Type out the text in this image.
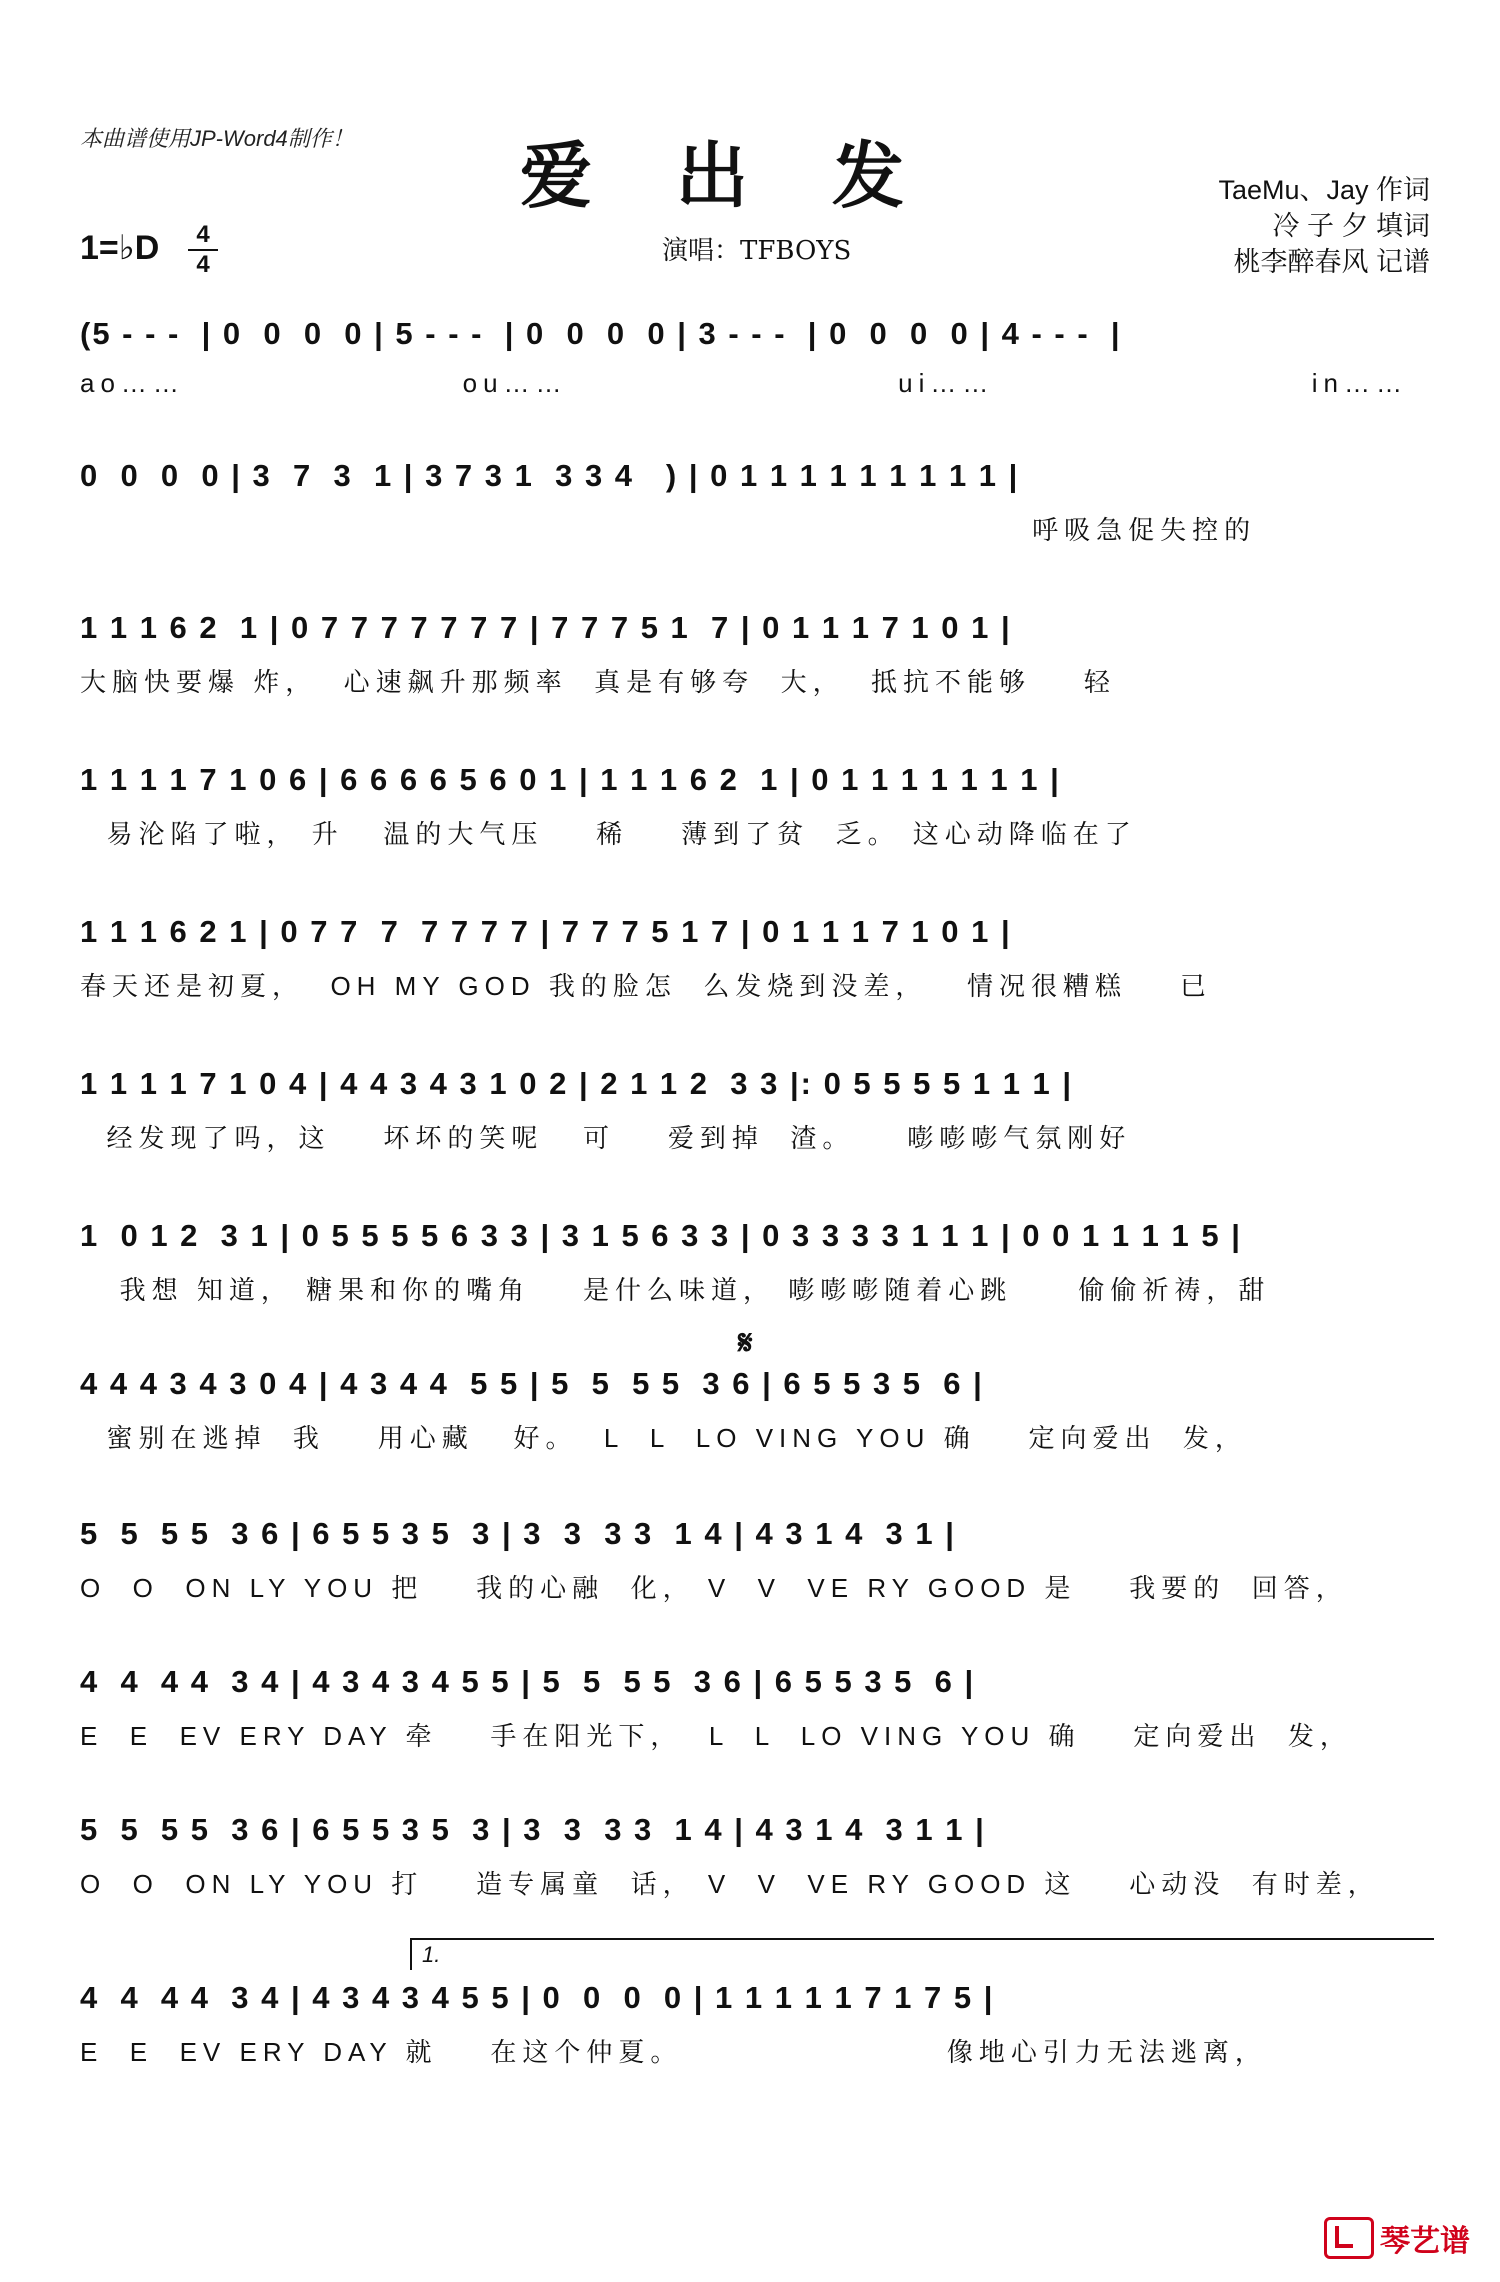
本曲谱使用JP-Word4制作！ 爱出发
1=♭D	4
4	演唱：TFBOYS
TaeMu、Jay 作词
冷 子 夕 填词
桃李醉春风 记谱
𝄋
1.
(5 - - -  | 0  0  0  0 | 5 - - -  | 0  0  0  0 | 3 - - -  | 0  0  0  0 | 4 - - -  |
ao……                     ou……                         ui……                        in……
0  0  0  0 | 3  7  3  1 | 3 7 3 1  3 3 4   ) | 0 1 1 1 1 1 1 1 1 1 |
呼吸急促失控的
1 1 1 6 2  1 | 0 7 7 7 7 7 7 7 | 7 7 7 5 1  7 | 0 1 1 1 7 1 0 1 |
大脑快要爆 炸，  心速飙升那频率  真是有够夸  大，  抵抗不能够    轻
1 1 1 1 7 1 0 6 | 6 6 6 6 5 6 0 1 | 1 1 1 6 2  1 | 0 1 1 1 1 1 1 1 |
易沦陷了啦， 升   温的大气压    稀    薄到了贫  乏。 这心动降临在了
1 1 1 6 2 1 | 0 7 7  7  7 7 7 7 | 7 7 7 5 1 7 | 0 1 1 1 7 1 0 1 |
春天还是初夏，  OH MY GOD 我的脸怎  么发烧到没差，   情况很糟糕    已
1 1 1 1 7 1 0 4 | 4 4 3 4 3 1 0 2 | 2 1 1 2  3 3 |: 0 5 5 5 5 1 1 1 |
经发现了吗，这    坏坏的笑呢   可    爱到掉  渣。    嘭嘭嘭气氛刚好
1  0 1 2  3 1 | 0 5 5 5 5 6 3 3 | 3 1 5 6 3 3 | 0 3 3 3 3 1 1 1 | 0 0 1 1 1 1 5 |
我想 知道， 糖果和你的嘴角    是什么味道， 嘭嘭嘭随着心跳     偷偷祈祷，甜
4 4 4 3 4 3 0 4 | 4 3 4 4  5 5 | 5  5  5 5  3 6 | 6 5 5 3 5  6 |
蜜别在逃掉  我    用心藏   好。  L  L  LO VING YOU 确    定向爱出  发，
5  5  5 5  3 6 | 6 5 5 3 5  3 | 3  3  3 3  1 4 | 4 3 1 4  3 1 |
O  O  ON LY YOU 把    我的心融  化， V  V  VE RY GOOD 是    我要的  回答，
4  4  4 4  3 4 | 4 3 4 3 4 5 5 | 5  5  5 5  3 6 | 6 5 5 3 5  6 |
E  E  EV ERY DAY 牵    手在阳光下，  L  L  LO VING YOU 确    定向爱出  发，
5  5  5 5  3 6 | 6 5 5 3 5  3 | 3  3  3 3  1 4 | 4 3 1 4  3 1 1 |
O  O  ON LY YOU 打    造专属童  话， V  V  VE RY GOOD 这    心动没  有时差，
4  4  4 4  3 4 | 4 3 4 3 4 5 5 | 0  0  0  0 | 1 1 1 1 1 7 1 7 5 |
E  E  EV ERY DAY 就    在这个仲夏。                    像地心引力无法逃离，
琴艺谱
